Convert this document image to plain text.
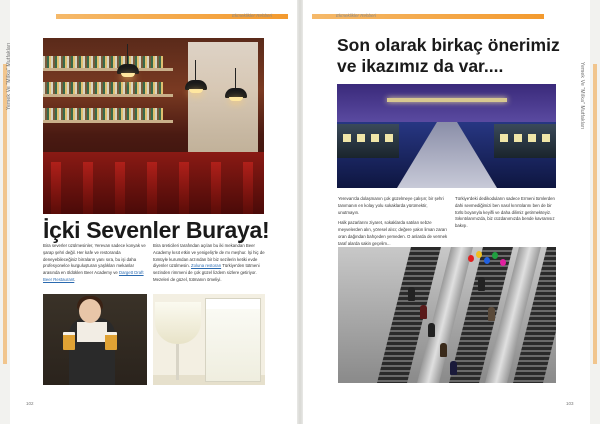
Yemek Ve “Milka” Mutfakları	Yemek Ve “Milka” Mutfakları
Ekmeklikler Rehberi	Ekmeklikler Rehberi
İçki Sevenler Buraya!
Bira severler üzülmesinler, Yerevan sadece konyak ve şarap şehri değil. Her kafe ve restoranda deneyebileceğiniz birraların yanı sıra, bu işi daha profesyonelce kurguluşturan yaşlıkları mekanlar arasında en öldüklen Beer Academy ve Dargett Draft Beer Restaurant.
Bira üreticileri tarafından açılan bu iki mekandan Beer Academy kısıt etkin ve yenigeliş'le de mı meşhur. İşi hiç de tümüyle kurumdan arzından bir biz sezilerin ketiki evde diyenler üzülmesin. Zoluna restoran Türkiye'den tütmeni sezinden rimmeni de çok güzel lizdem sizlere getiriyor. Mezeleri de güzel, tütmanın ömeliyi.
102
Son olarak birkaç önerimiz ve ikazımız da var....

Yerevan'da dolaşmanın çok güzelmeye çalışın; bir şehri tanımanın en kolay yolu sokaklarda yürümektir, unutmayın.

Halk pazarlarını ziyaret, sokaklarda satılan sebze meyvelerden alın, yöresel alıcı; değere yakın liman zararı oran dağından bahçeden yemeden. O anlarda de vermek taraf alarda sakin geçelim...

Türkiye'deki dedikoduların sadece Ermeni tümlerden dahi sevmediğimizi ben nasıl kırıntılarını ben de bir türlü boyarıyla keyifli ve daha dilimiz getirmekteyiz. Sıkıntılarımızda, biz cüzdanımızda bende kavramsız bakışı.

103
